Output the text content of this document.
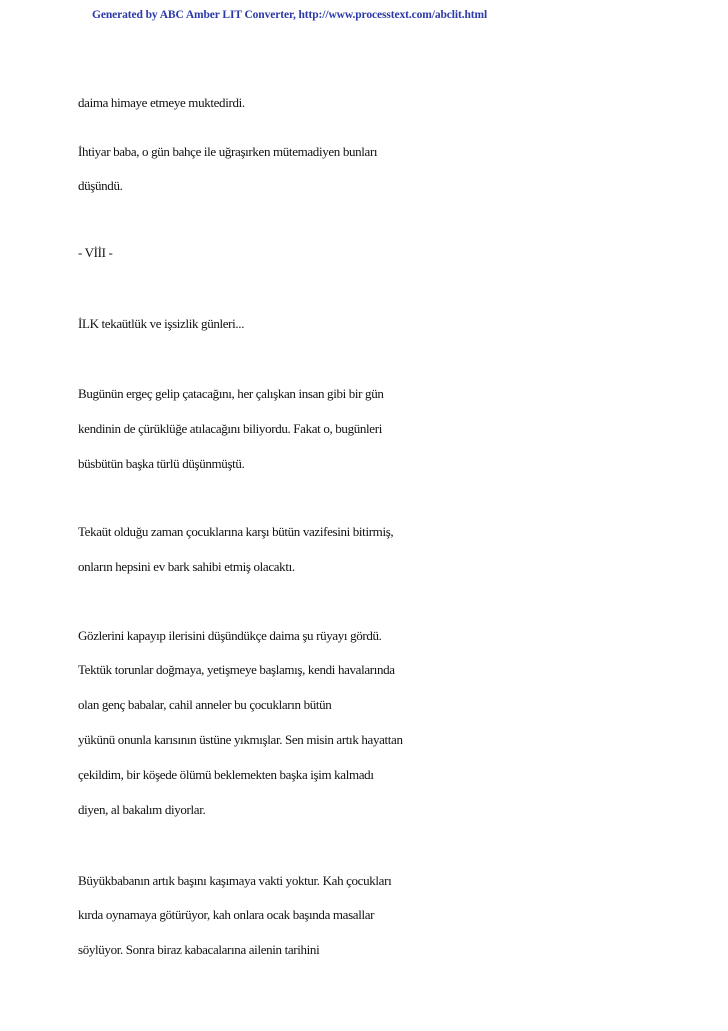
Generated by ABC Amber LIT Converter, http://www.processtext.com/abclit.html
daima himaye etmeye muktedirdi.
İhtiyar baba, o gün bahçe ile uğraşırken mütemadiyen bunları
düşündü.
- VİİI -
İLK tekaütlük ve işsizlik günleri...
Bugünün ergeç gelip çatacağını, her çalışkan insan gibi bir gün
kendinin de çürüklüğe atılacağını biliyordu. Fakat o, bugünleri
büsbütün başka türlü düşünmüştü.
Tekaüt olduğu zaman çocuklarına karşı bütün vazifesini bitirmiş,
onların hepsini ev bark sahibi etmiş olacaktı.
Gözlerini kapayıp ilerisini düşündükçe daima şu rüyayı gördü.
Tektük torunlar doğmaya, yetişmeye başlamış, kendi havalarında
olan genç babalar, cahil anneler bu çocukların bütün
yükünü onunla karısının üstüne yıkmışlar. Sen misin artık hayattan
çekildim, bir köşede ölümü beklemekten başka işim kalmadı
diyen, al bakalım diyorlar.
Büyükbabanın artık başını kaşımaya vakti yoktur. Kah çocukları
kırda oynamaya götürüyor, kah onlara ocak başında masallar
söylüyor. Sonra biraz kabacalarına ailenin tarihini
